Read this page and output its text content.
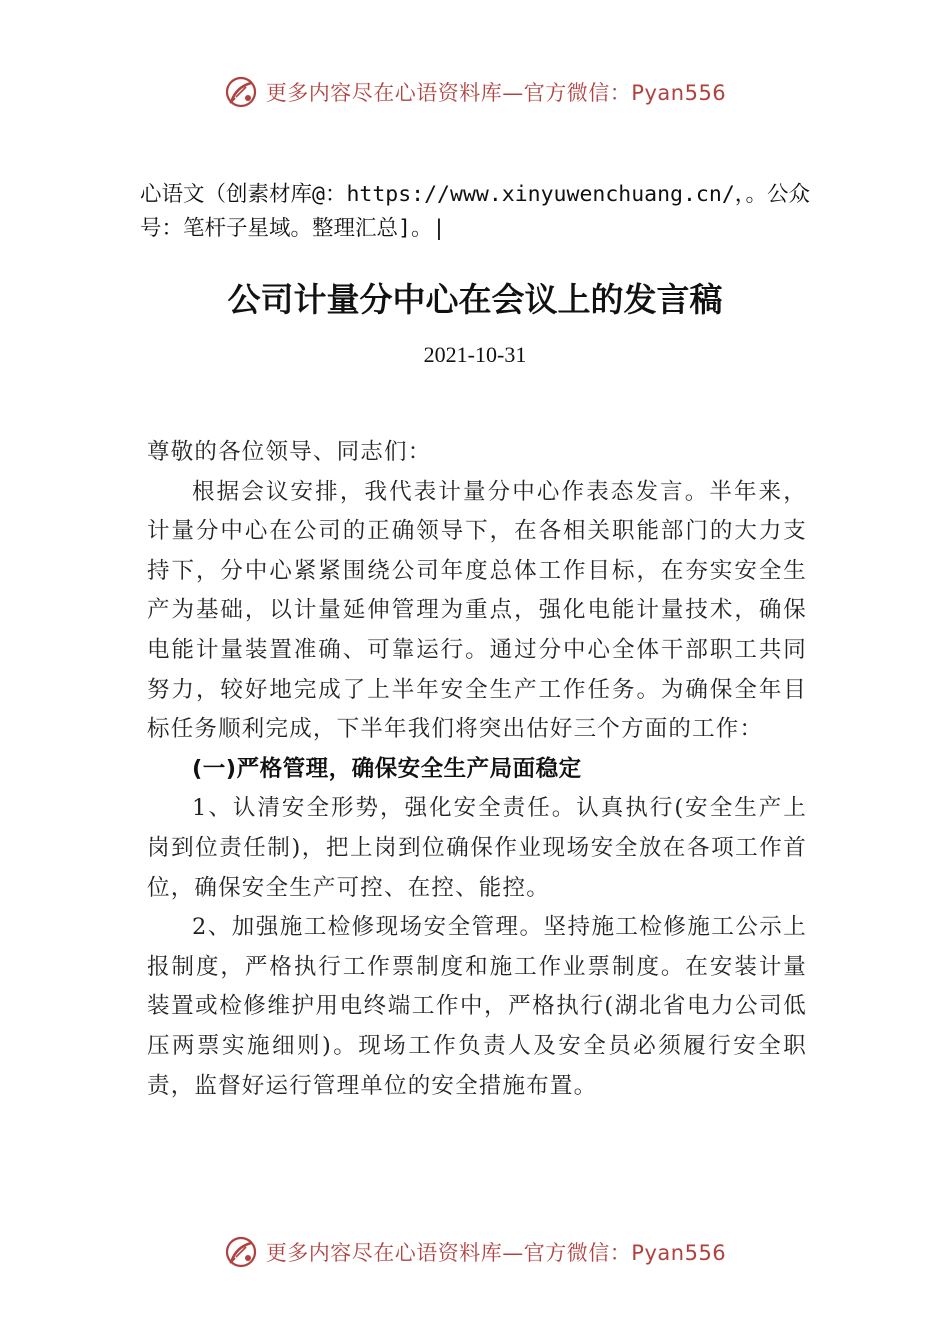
更多内容尽在心语资料库—官方微信：Pyan556
心语文（创素材库@：https://www.xinyuwenchuang.cn/，。公众号：笔杆子星域。整理汇总]。|
公司计量分中心在会议上的发言稿
2021-10-31

尊敬的各位领导、同志们：

根据会议安排，我代表计量分中心作表态发言。半年来，计量分中心在公司的正确领导下，在各相关职能部门的大力支持下，分中心紧紧围绕公司年度总体工作目标，在夯实安全生产为基础，以计量延伸管理为重点，强化电能计量技术，确保电能计量装置准确、可靠运行。通过分中心全体干部职工共同努力，较好地完成了上半年安全生产工作任务。为确保全年目标任务顺利完成，下半年我们将突出估好三个方面的工作：

(一)严格管理，确保安全生产局面稳定

1、认清安全形势，强化安全责任。认真执行(安全生产上岗到位责任制)，把上岗到位确保作业现场安全放在各项工作首位，确保安全生产可控、在控、能控。

2、加强施工检修现场安全管理。坚持施工检修施工公示上报制度，严格执行工作票制度和施工作业票制度。在安装计量装置或检修维护用电终端工作中，严格执行(湖北省电力公司低压两票实施细则)。现场工作负责人及安全员必须履行安全职责，监督好运行管理单位的安全措施布置。

更多内容尽在心语资料库—官方微信：Pyan556
